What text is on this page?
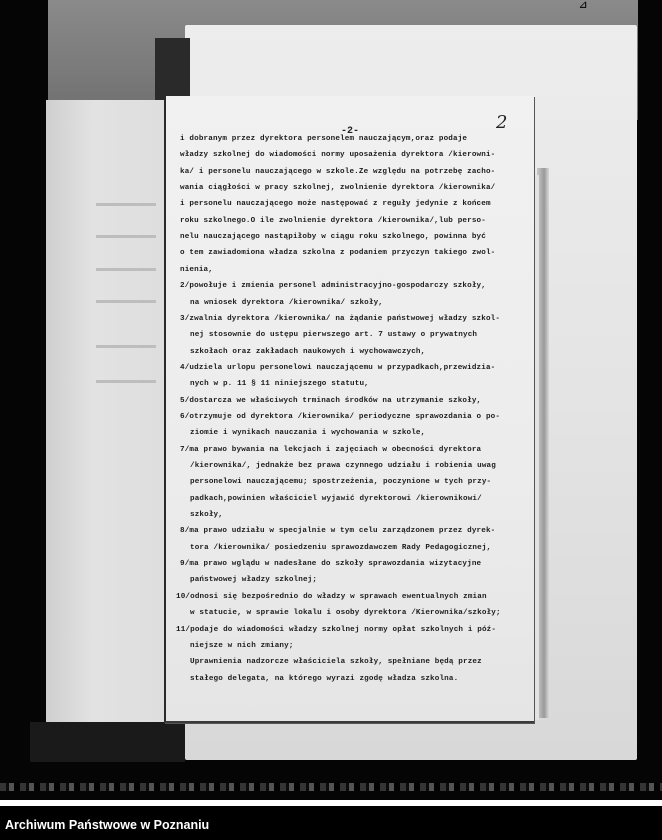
⊿
-2-	2
i dobranym przez dyrektora personelem nauczającym,oraz podaje
władzy szkolnej do wiadomości normy uposażenia dyrektora /kierowni-
ka/ i personelu nauczającego w szkole.Ze względu na potrzebę zacho-
wania ciągłości w pracy szkolnej, zwolnienie dyrektora /kierownika/
i personelu nauczającego może następować z reguły jedynie z końcem
roku szkolnego.O ile zwolnienie dyrektora /kierownika/,lub perso-
nelu nauczającego nastąpiłoby w ciągu roku szkolnego, powinna być
o tem zawiadomiona władza szkolna z podaniem przyczyn takiego zwol-
nienia,
2/powołuje i zmienia personel administracyjno-gospodarczy szkoły,
na wniosek dyrektora /kierownika/ szkoły,
3/zwalnia dyrektora /kierownika/ na żądanie państwowej władzy szkol-
nej stosownie do ustępu pierwszego art. 7 ustawy o prywatnych
szkołach oraz zakładach naukowych i wychowawczych,
4/udziela urlopu personelowi nauczającemu w przypadkach,przewidzia-
nych w p. 11 § 11 niniejszego statutu,
5/dostarcza we właściwych trminach środków na utrzymanie szkoły,
6/otrzymuje od dyrektora /kierownika/ periodyczne sprawozdania o po-
ziomie i wynikach nauczania i wychowania w szkole,
7/ma prawo bywania na lekcjach i zajęciach w obecności dyrektora
/kierownika/, jednakże bez prawa czynnego udziału i robienia uwag
personelowi nauczającemu; spostrzeżenia, poczynione w tych przy-
padkach,powinien właściciel wyjawić dyrektorowi /kierownikowi/
szkoły,
8/ma prawo udziału w specjalnie w tym celu zarządzonem przez dyrek-
tora /kierownika/ posiedzeniu sprawozdawczem Rady Pedagogicznej,
9/ma prawo wglądu w nadesłane do szkoły sprawozdania wizytacyjne
państwowej władzy szkolnej;
10/odnosi się bezpośrednio do władzy w sprawach ewentualnych zmian
w statucie, w sprawie lokalu i osoby dyrektora /Kierownika/szkoły;
11/podaje do wiadomości władzy szkolnej normy opłat szkolnych i póź-
niejsze w nich zmiany;
Uprawnienia nadzorcze właściciela szkoły, spełniane będą przez
stałego delegata, na którego wyrazi zgodę władza szkolna.
Archiwum Państwowe w Poznaniu
